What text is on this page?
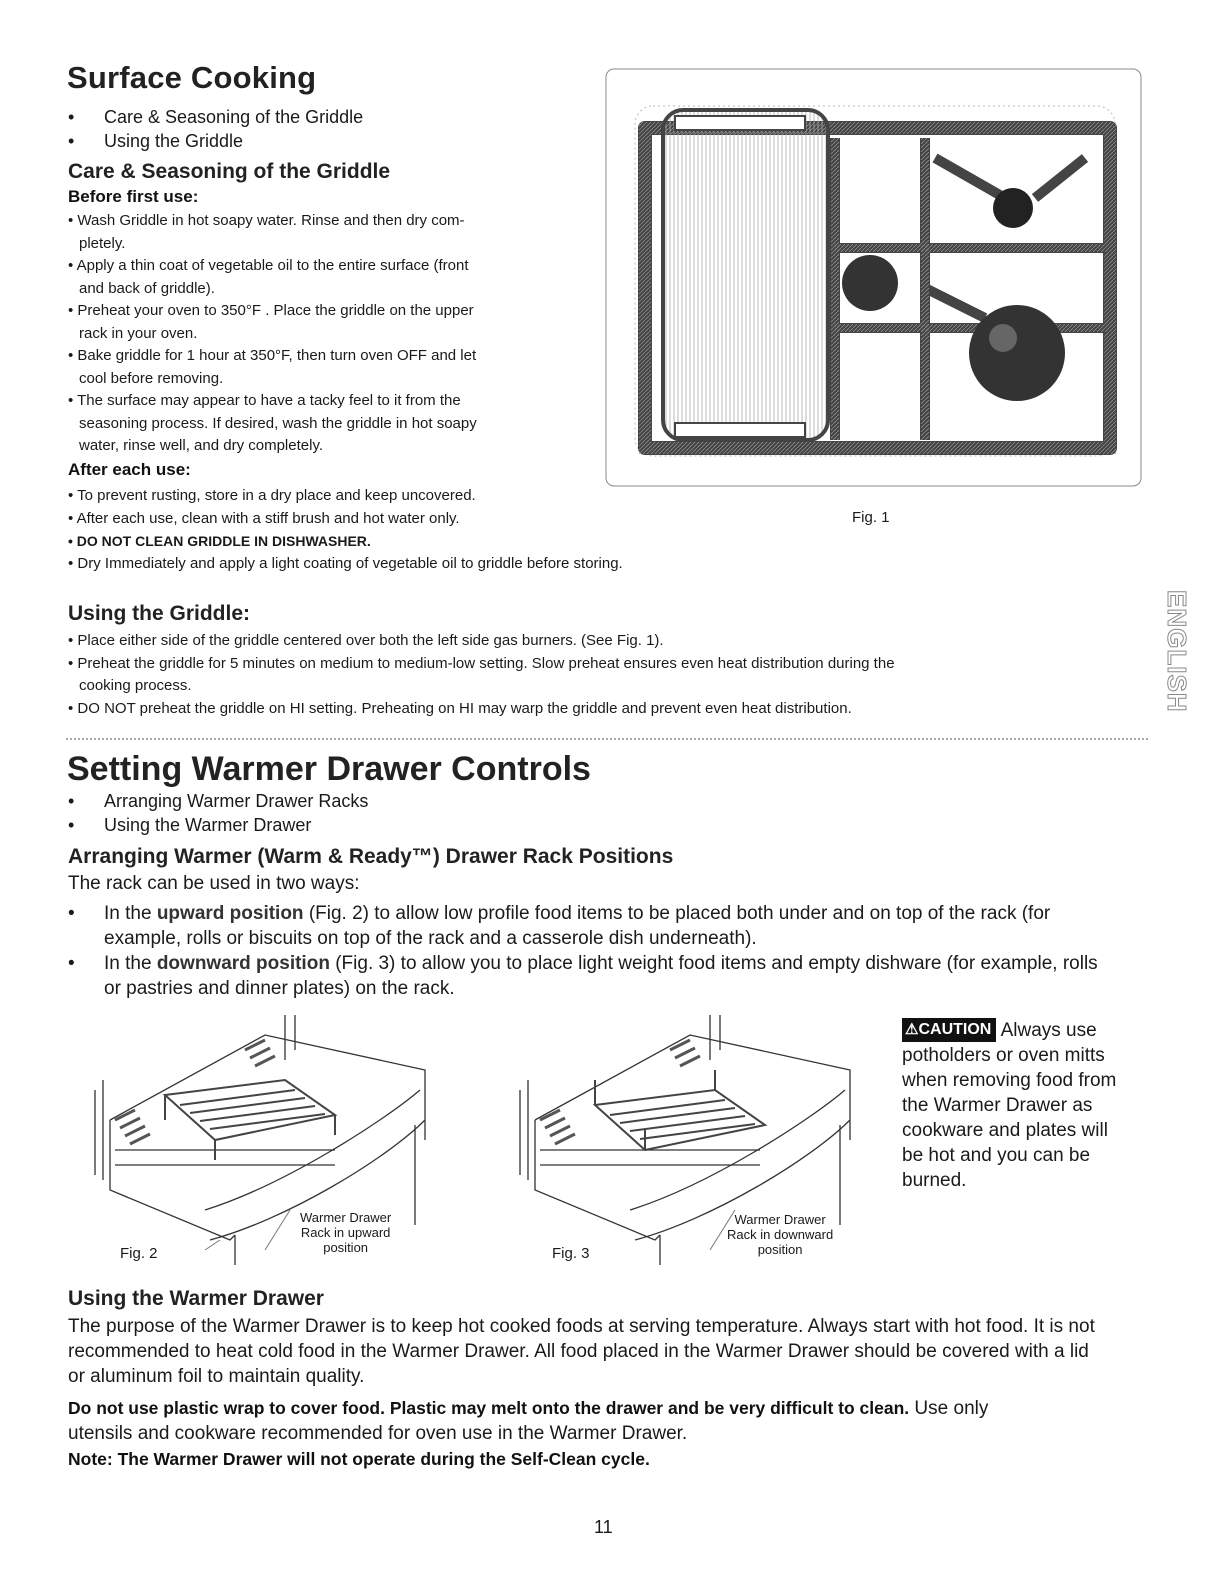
Surface Cooking
• Care & Seasoning of the Griddle
• Using the Griddle
Care & Seasoning of the Griddle
Before first use:
• Wash Griddle in hot soapy water. Rinse and then dry com-
pletely.
• Apply a thin coat of vegetable oil to the entire surface (front
and back of griddle).
• Preheat your oven to 350°F . Place the griddle on the upper
rack in your oven.
• Bake griddle for 1 hour at 350°F, then turn oven OFF and let
cool before removing.
• The surface may appear to have a tacky feel to it from the
seasoning process. If desired, wash the griddle in hot soapy
water, rinse well, and dry completely.
After each use:
• To prevent rusting, store in a dry place and keep uncovered.
• After each use, clean with a stiff brush and hot water only.
• DO NOT CLEAN GRIDDLE IN DISHWASHER.
• Dry Immediately and apply a light coating of vegetable oil to griddle before storing.
Fig. 1
Using the Griddle:
• Place either side of the griddle centered over both the left side gas burners. (See Fig. 1).
• Preheat the griddle for 5 minutes on medium to medium-low setting. Slow preheat ensures even heat distribution during the
cooking process.
• DO NOT preheat the griddle on HI setting. Preheating on HI may warp the griddle and prevent even heat distribution.	ENGLISH
Setting Warmer Drawer Controls
• Arranging Warmer Drawer Racks
• Using the Warmer Drawer
Arranging Warmer (Warm & Ready™) Drawer Rack Positions
The rack can be used in two ways:
• In the upward position (Fig. 2) to allow low profile food items to be placed both under and on top of the rack (for
example, rolls or biscuits on top of the rack and a casserole dish underneath).
• In the downward position (Fig. 3) to allow you to place light weight food items and empty dishware (for example, rolls
or pastries and dinner plates) on the rack.
Fig. 2
Warmer Drawer
Rack in upward
position	Fig. 3
Warmer Drawer
Rack in downward
position
⚠CAUTION Always use
potholders or oven mitts
when removing food from
the Warmer Drawer as
cookware and plates will
be hot and you can be
burned.
Using the Warmer Drawer
The purpose of the Warmer Drawer is to keep hot cooked foods at serving temperature. Always start with hot food. It is not
recommended to heat cold food in the Warmer Drawer. All food placed in the Warmer Drawer should be covered with a lid
or aluminum foil to maintain quality.
Do not use plastic wrap to cover food. Plastic may melt onto the drawer and be very difficult to clean. Use only
utensils and cookware recommended for oven use in the Warmer Drawer.
Note: The Warmer Drawer will not operate during the Self-Clean cycle.
11
